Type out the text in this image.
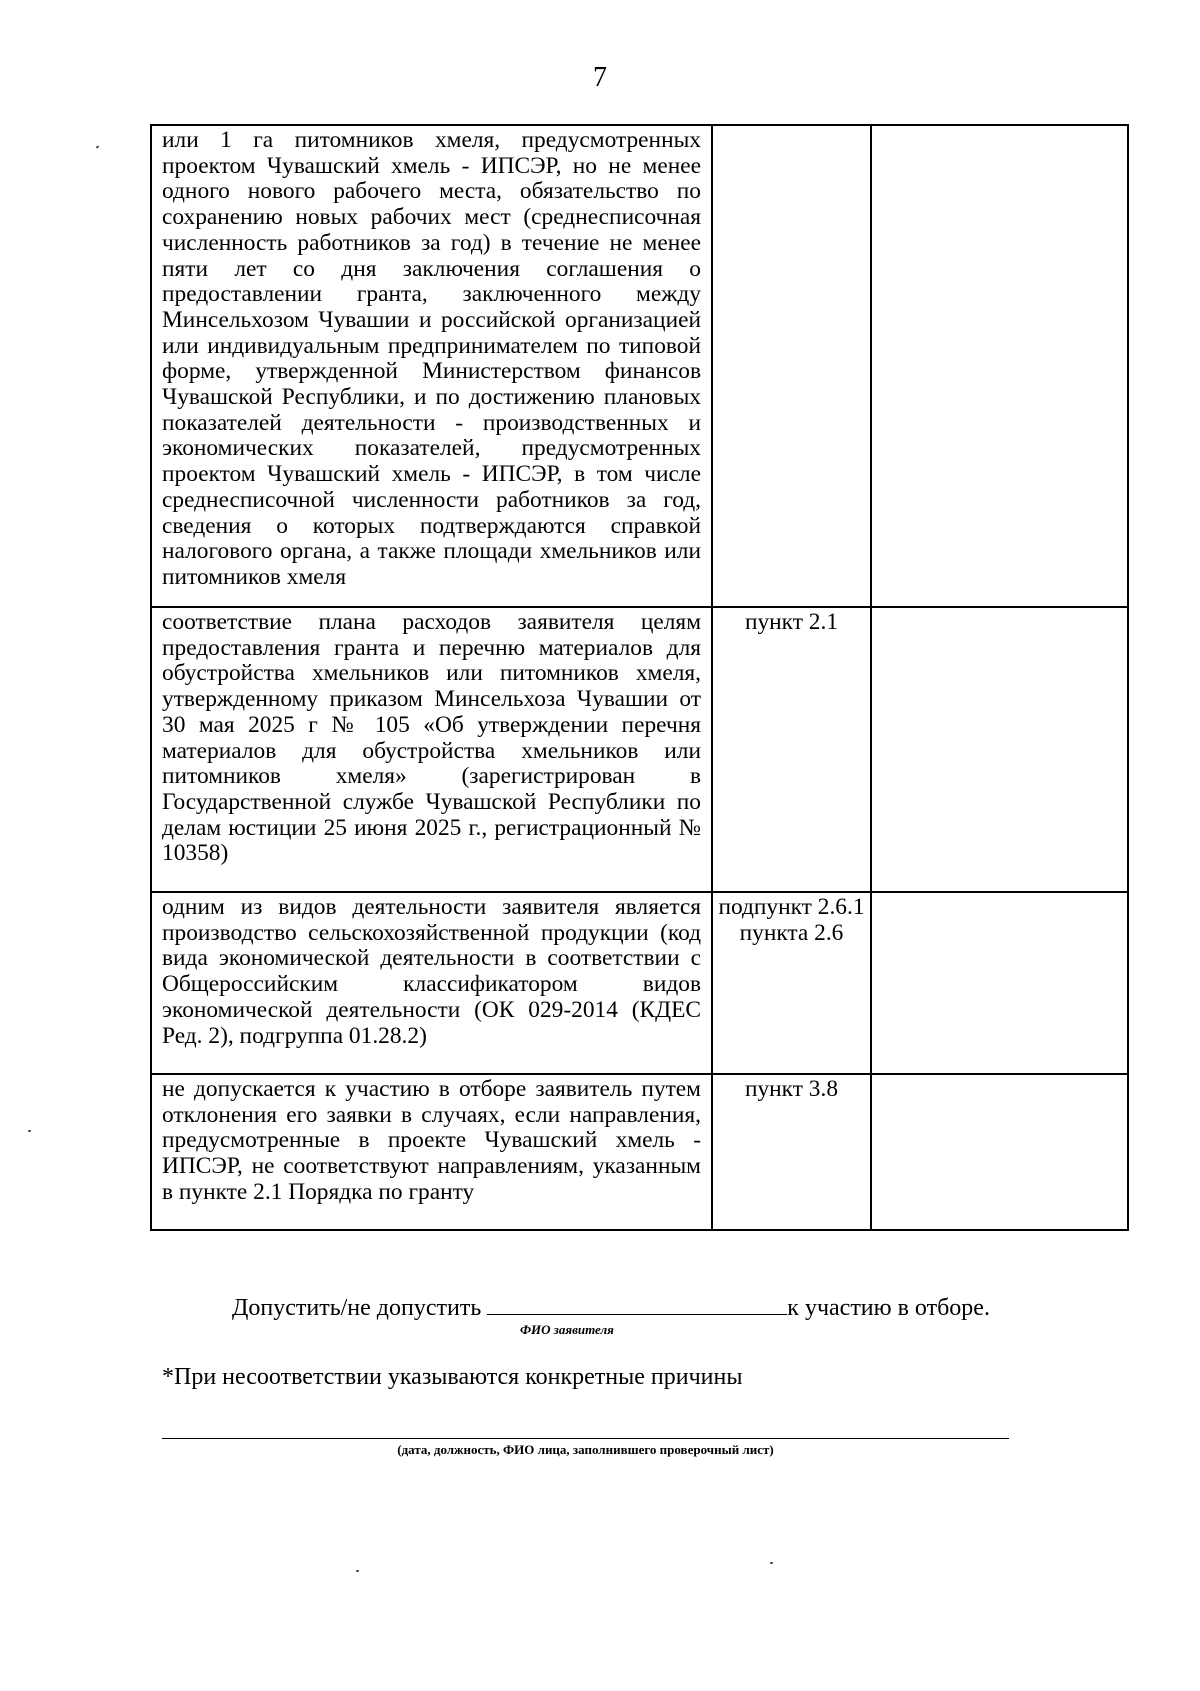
7
или 1 га питомников хмеля, предусмотренных проектом Чувашский хмель - ИПСЭР, но не менее одного нового рабочего места, обязательство по сохранению новых рабочих мест (среднесписочная численность работников за год) в течение не менее пяти лет со дня заключения соглашения о предоставлении гранта, заключенного между Минсельхозом Чувашии и российской организацией или индивидуальным предпринимателем по типовой форме, утвержденной Министерством финансов Чувашской Республики, и по достижению плановых показателей деятельности - производственных и экономических показателей, предусмотренных проектом Чувашский хмель - ИПСЭР, в том числе среднесписочной численности работников за год, сведения о которых подтверждаются справкой налогового органа, а также площади хмельников или питомников хмеля		
соответствие плана расходов заявителя целям предоставления гранта и перечню материалов для обустройства хмельников или питомников хмеля, утвержденному приказом Минсельхоза Чувашии от 30 мая 2025 г № 105 «Об утверждении перечня материалов для обустройства хмельников или питомников хмеля» (зарегистрирован в Государственной службе Чувашской Республики по делам юстиции 25 июня 2025 г., регистрационный № 10358)	пункт 2.1	
одним из видов деятельности заявителя является производство сельскохозяйственной продукции (код вида экономической деятельности в соответствии с Общероссийским классификатором видов экономической деятельности (ОК 029-2014 (КДЕС Ред. 2), подгруппа 01.28.2)	подпункт 2.6.1 пункта 2.6	
не допускается к участию в отборе заявитель путем отклонения его заявки в случаях, если направления, предусмотренные в проекте Чувашский хмель - ИПСЭР, не соответствуют направлениям, указанным в пункте 2.1 Порядка по гранту	пункт 3.8	
Допустить/не допустить	к участию в отборе.
ФИО заявителя
*При несоответствии указываются конкретные причины
(дата, должность, ФИО лица, заполнившего проверочный лист)
